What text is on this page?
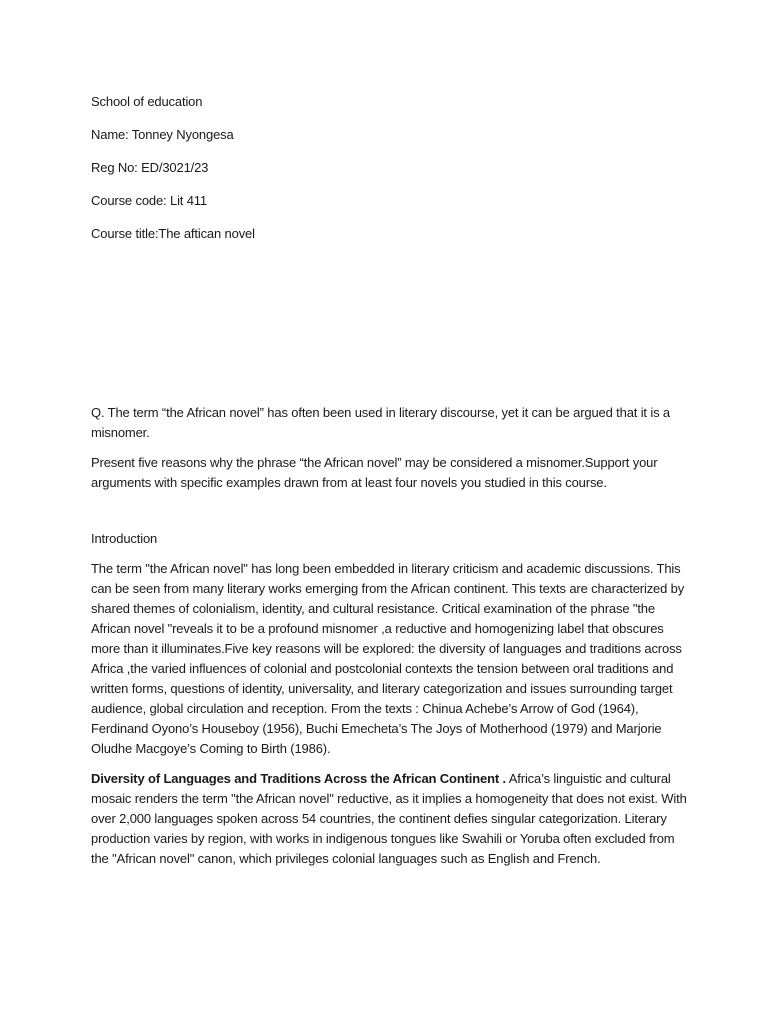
School of education

Name: Tonney Nyongesa

Reg No: ED/3021/23

Course code: Lit 411

Course title:The aftican novel

Q. The term “the African novel” has often been used in literary discourse, yet it can be argued that it is a misnomer.

Present five reasons why the phrase “the African novel” may be considered a misnomer.Support your arguments with specific examples drawn from at least four novels you studied in this course.

Introduction

The term "the African novel" has long been embedded in literary criticism and academic discussions. This can be seen from many literary works emerging from the African continent. This texts are characterized by shared themes of colonialism, identity, and cultural resistance. Critical examination of the phrase "the African novel "reveals it to be a profound misnomer ,a reductive and homogenizing label that obscures more than it illuminates.Five key reasons will be explored: the diversity of languages and traditions across Africa ,the varied influences of colonial and postcolonial contexts the tension between oral traditions and written forms, questions of identity, universality, and literary categorization and issues surrounding target audience, global circulation and reception. From the texts : Chinua Achebe’s Arrow of God (1964), Ferdinand Oyono’s Houseboy (1956), Buchi Emecheta’s The Joys of Motherhood (1979) and Marjorie Oludhe Macgoye’s Coming to Birth (1986).

Diversity of Languages and Traditions Across the African Continent . Africa’s linguistic and cultural mosaic renders the term "the African novel" reductive, as it implies a homogeneity that does not exist. With over 2,000 languages spoken across 54 countries, the continent defies singular categorization. Literary production varies by region, with works in indigenous tongues like Swahili or Yoruba often excluded from the "African novel" canon, which privileges colonial languages such as English and French.
